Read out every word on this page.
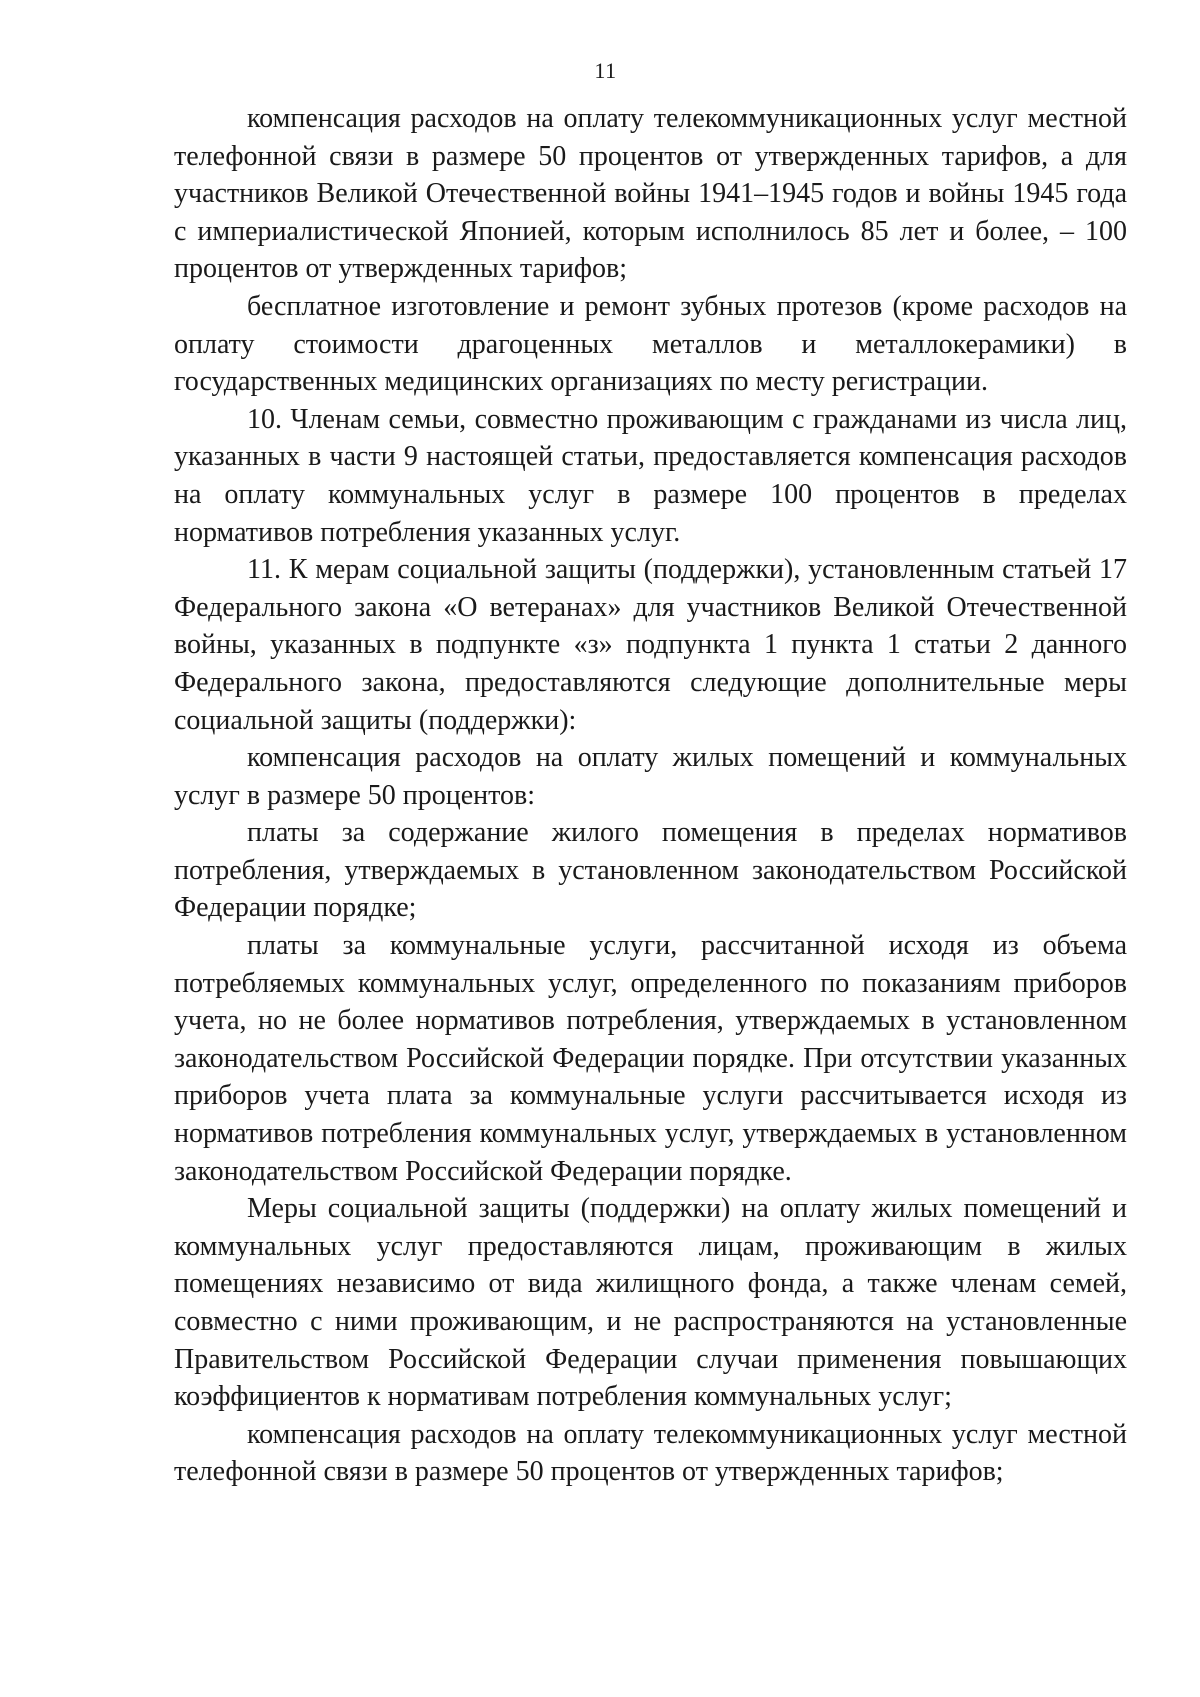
11

компенсация расходов на оплату телекоммуникационных услуг местной телефонной связи в размере 50 процентов от утвержденных тарифов, а для участников Великой Отечественной войны 1941–1945 годов и войны 1945 года с империалистической Японией, которым исполнилось 85 лет и более, – 100 процентов от утвержденных тарифов;

бесплатное изготовление и ремонт зубных протезов (кроме расходов на оплату стоимости драгоценных металлов и металлокерамики) в государственных медицинских организациях по месту регистрации.

10. Членам семьи, совместно проживающим с гражданами из числа лиц, указанных в части 9 настоящей статьи, предоставляется компенсация расходов на оплату коммунальных услуг в размере 100 процентов в пределах нормативов потребления указанных услуг.

11. К мерам социальной защиты (поддержки), установленным статьей 17 Федерального закона «О ветеранах» для участников Великой Отечественной войны, указанных в подпункте «з» подпункта 1 пункта 1 статьи 2 данного Федерального закона, предоставляются следующие дополнительные меры социальной защиты (поддержки):

компенсация расходов на оплату жилых помещений и коммунальных услуг в размере 50 процентов:

платы за содержание жилого помещения в пределах нормативов потребления, утверждаемых в установленном законодательством Российской Федерации порядке;

платы за коммунальные услуги, рассчитанной исходя из объема потребляемых коммунальных услуг, определенного по показаниям приборов учета, но не более нормативов потребления, утверждаемых в установленном законодательством Российской Федерации порядке. При отсутствии указанных приборов учета плата за коммунальные услуги рассчитывается исходя из нормативов потребления коммунальных услуг, утверждаемых в установленном законодательством Российской Федерации порядке.

Меры социальной защиты (поддержки) на оплату жилых помещений и коммунальных услуг предоставляются лицам, проживающим в жилых помещениях независимо от вида жилищного фонда, а также членам семей, совместно с ними проживающим, и не распространяются на установленные Правительством Российской Федерации случаи применения повышающих коэффициентов к нормативам потребления коммунальных услуг;

компенсация расходов на оплату телекоммуникационных услуг местной телефонной связи в размере 50 процентов от утвержденных тарифов;
